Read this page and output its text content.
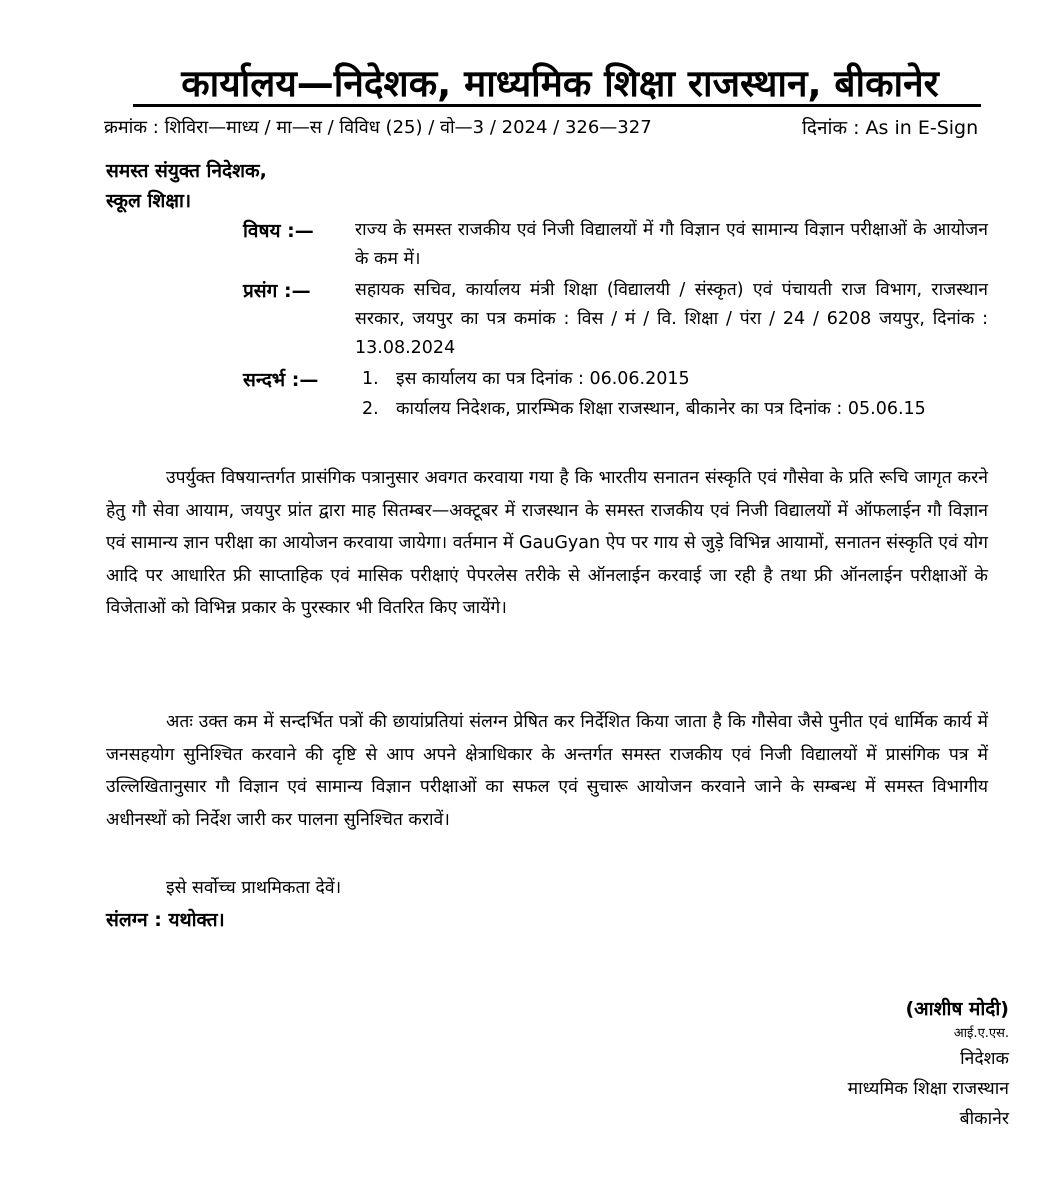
कार्यालय—निदेशक, माध्यमिक शिक्षा राजस्थान, बीकानेर
क्रमांक : शिविरा—माध्य / मा—स / विविध (25) / वो—3 / 2024 / 326—327	दिनांक : As in E-Sign
समस्त संयुक्त निदेशक,
स्कूल शिक्षा।
विषय :— राज्य के समस्त राजकीय एवं निजी विद्यालयों में गौ विज्ञान एवं सामान्य विज्ञान परीक्षाओं के आयोजन के कम में।

प्रसंग :—	सहायक सचिव, कार्यालय मंत्री शिक्षा (विद्यालयी / संस्कृत) एवं पंचायती राज विभाग, राजस्थान सरकार, जयपुर का पत्र कमांक : विस / मं / वि. शिक्षा / पंरा / 24 / 6208 जयपुर, दिनांक : 13.08.2024

सन्दर्भ :— 1. इस कार्यालय का पत्र दिनांक : 06.06.2015
2. कार्यालय निदेशक, प्रारम्भिक शिक्षा राजस्थान, बीकानेर का पत्र दिनांक : 05.06.15

उपर्युक्त विषयान्तर्गत प्रासंगिक पत्रानुसार अवगत करवाया गया है कि भारतीय सनातन संस्कृति एवं गौसेवा के प्रति रूचि जागृत करने हेतु गौ सेवा आयाम, जयपुर प्रांत द्वारा माह सितम्बर—अक्टूबर में राजस्थान के समस्त राजकीय एवं निजी विद्यालयों में ऑफलाईन गौ विज्ञान एवं सामान्य ज्ञान परीक्षा का आयोजन करवाया जायेगा। वर्तमान में GauGyan ऐप पर गाय से जुड़े विभिन्न आयामों, सनातन संस्कृति एवं योग आदि पर आधारित फ्री साप्ताहिक एवं मासिक परीक्षाएं पेपरलेस तरीके से ऑनलाईन करवाई जा रही है तथा फ्री ऑनलाईन परीक्षाओं के विजेताओं को विभिन्न प्रकार के पुरस्कार भी वितरित किए जायेंगे।

अतः उक्त कम में सन्दर्भित पत्रों की छायांप्रतियां संलग्न प्रेषित कर निर्देशित किया जाता है कि गौसेवा जैसे पुनीत एवं धार्मिक कार्य में जनसहयोग सुनिश्चित करवाने की दृष्टि से आप अपने क्षेत्राधिकार के अन्तर्गत समस्त राजकीय एवं निजी विद्यालयों में प्रासंगिक पत्र में उल्लिखितानुसार गौ विज्ञान एवं सामान्य विज्ञान परीक्षाओं का सफल एवं सुचारू आयोजन करवाने जाने के सम्बन्ध में समस्त विभागीय अधीनस्थों को निर्देश जारी कर पालना सुनिश्चित करावें।

इसे सर्वोच्च प्राथमिकता देवें।
संलग्न : यथोक्त।
(आशीष मोदी)
आई.ए.एस.
निदेशक
माध्यमिक शिक्षा राजस्थान
बीकानेर
